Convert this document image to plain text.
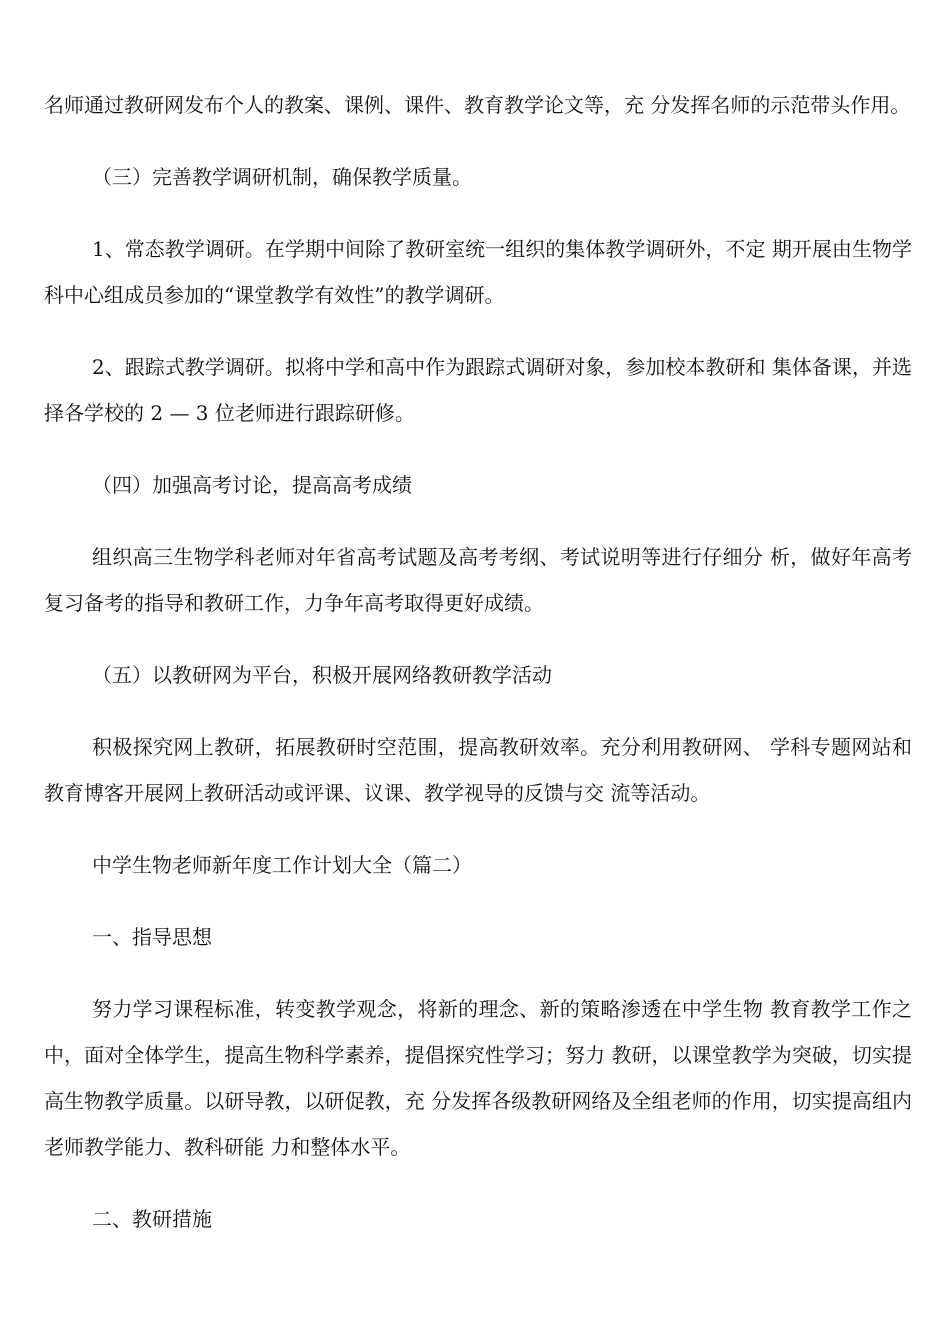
名师通过教研网发布个人的教案、课例、课件、教育教学论文等，充 分发挥名师的示范带头作用。

（三）完善教学调研机制，确保教学质量。

1、常态教学调研。在学期中间除了教研室统一组织的集体教学调研外，不定 期开展由生物学科中心组成员参加的“课堂教学有效性”的教学调研。

2、跟踪式教学调研。拟将中学和高中作为跟踪式调研对象，参加校本教研和 集体备课，并选择各学校的 2 — 3 位老师进行跟踪研修。

（四）加强高考讨论，提高高考成绩

组织高三生物学科老师对年省高考试题及高考考纲、考试说明等进行仔细分 析，做好年高考复习备考的指导和教研工作，力争年高考取得更好成绩。

（五）以教研网为平台，积极开展网络教研教学活动

积极探究网上教研，拓展教研时空范围，提高教研效率。充分利用教研网、 学科专题网站和教育博客开展网上教研活动或评课、议课、教学视导的反馈与交 流等活动。

中学生物老师新年度工作计划大全（篇二）

一、指导思想

努力学习课程标准，转变教学观念，将新的理念、新的策略渗透在中学生物 教育教学工作之中，面对全体学生，提高生物科学素养，提倡探究性学习；努力 教研，以课堂教学为突破，切实提高生物教学质量。以研导教，以研促教，充 分发挥各级教研网络及全组老师的作用，切实提高组内老师教学能力、教科研能 力和整体水平。

二、教研措施
